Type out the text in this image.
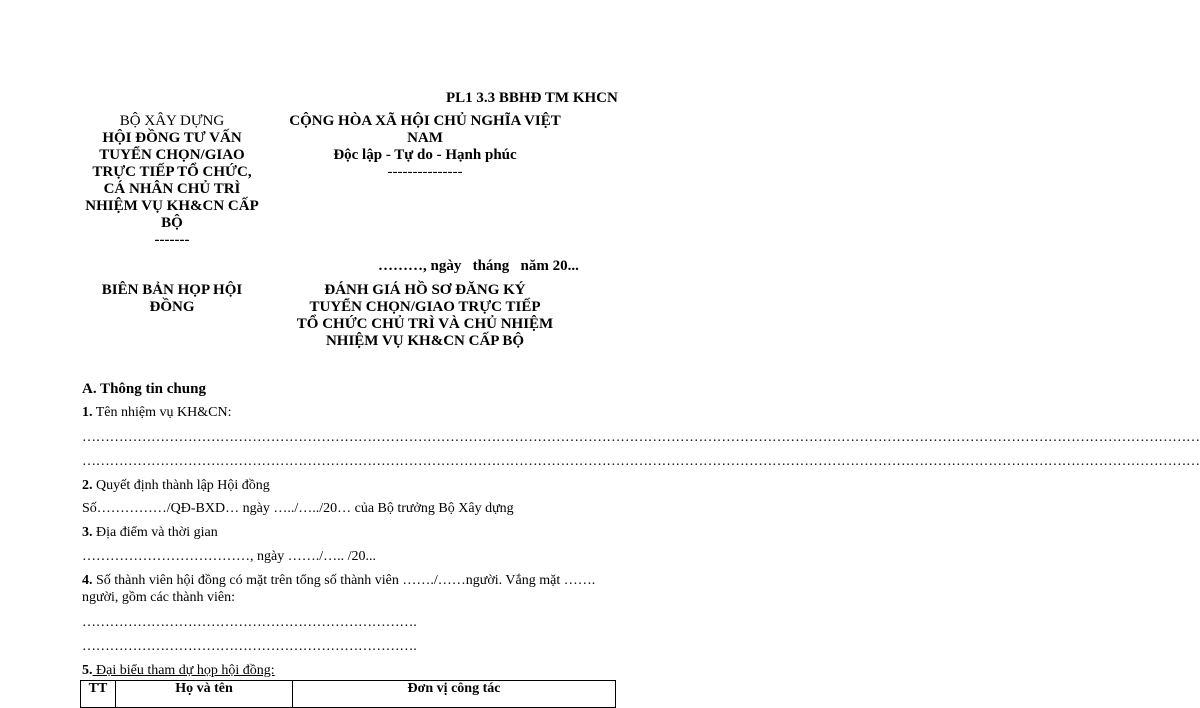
PL1 3.3 BBHĐ TM KHCN
BỘ XÂY DỰNG
HỘI ĐỒNG TƯ VẤN
TUYỂN CHỌN/GIAO
TRỰC TIẾP TỔ CHỨC,
CÁ NHÂN CHỦ TRÌ
NHIỆM VỤ KH&CN CẤP
BỘ
-------
CỘNG HÒA XÃ HỘI CHỦ NGHĨA VIỆT
NAM
Độc lập - Tự do - Hạnh phúc
---------------
………, ngày   tháng   năm 20...
BIÊN BẢN HỌP HỘI
ĐỒNG
ĐÁNH GIÁ HỒ SƠ ĐĂNG KÝ
TUYỂN CHỌN/GIAO TRỰC TIẾP
TỔ CHỨC CHỦ TRÌ VÀ CHỦ NHIỆM
NHIỆM VỤ KH&CN CẤP BỘ
A. Thông tin chung
1. Tên nhiệm vụ KH&CN:
………………………………………………………………………………………………………………………………………………………………………………………………………………………
………………………………………………………………………………………………………………………………………………………………………………………………………………………
2. Quyết định thành lập Hội đồng
Số……………/QĐ-BXD… ngày …../…../20… của Bộ trưởng Bộ Xây dựng
3. Địa điểm và thời gian
………………………………, ngày ……./….. /20...
4. Số thành viên hội đồng có mặt trên tổng số thành viên ……./……người. Vắng mặt …….
người, gồm các thành viên:
……………………………………………………………….
……………………………………………………………….
5. Đại biểu tham dự họp hội đồng:
TT	Họ và tên	Đơn vị công tác
